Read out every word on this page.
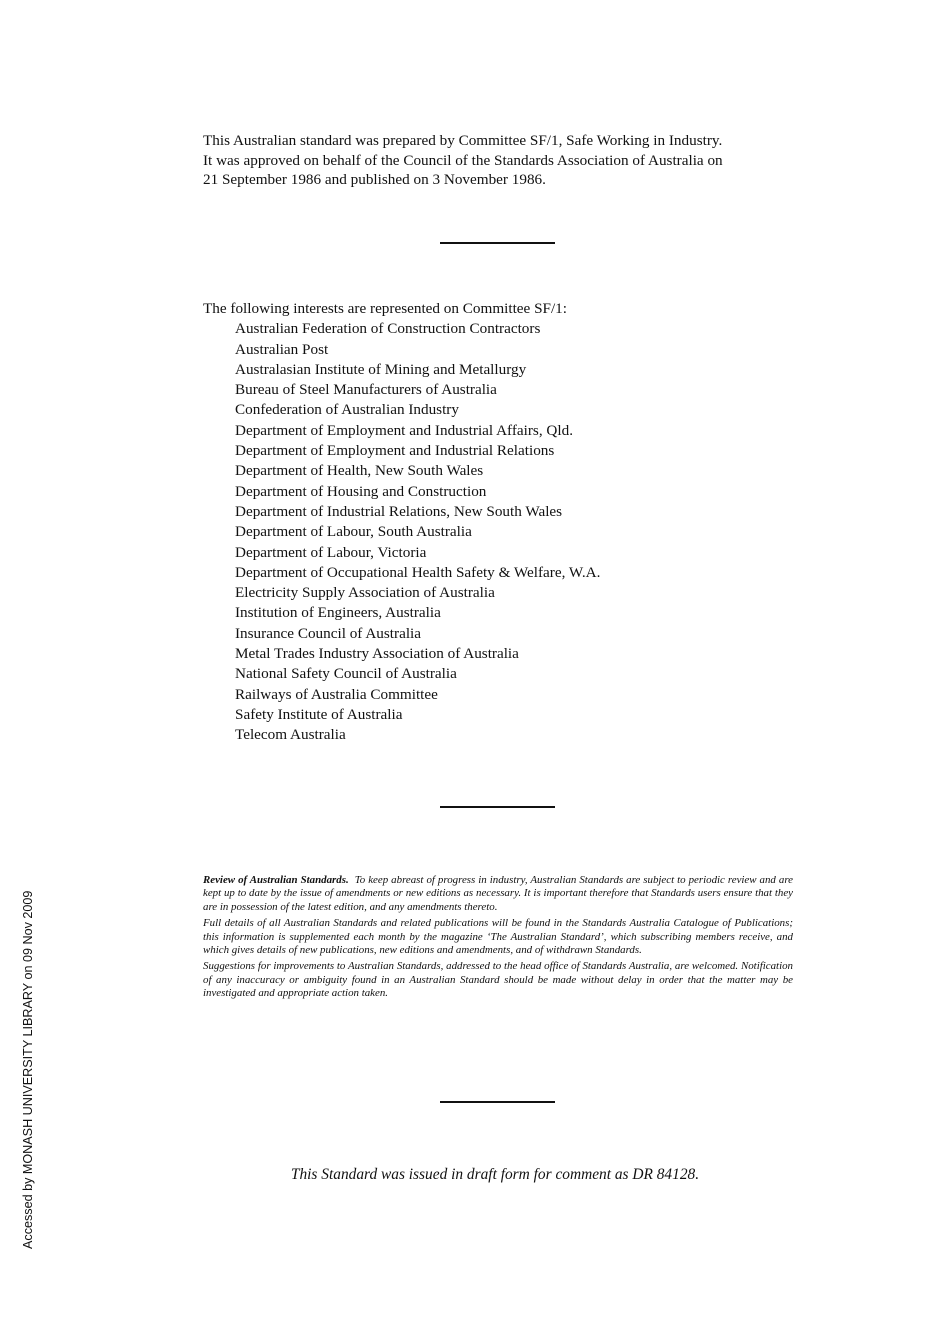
This Australian standard was prepared by Committee SF/1, Safe Working in Industry.
It was approved on behalf of the Council of the Standards Association of Australia on
21 September 1986 and published on 3 November 1986.

The following interests are represented on Committee SF/1:

Australian Federation of Construction Contractors
Australian Post
Australasian Institute of Mining and Metallurgy
Bureau of Steel Manufacturers of Australia
Confederation of Australian Industry
Department of Employment and Industrial Affairs, Qld.
Department of Employment and Industrial Relations
Department of Health, New South Wales
Department of Housing and Construction
Department of Industrial Relations, New South Wales
Department of Labour, South Australia
Department of Labour, Victoria
Department of Occupational Health Safety & Welfare, W.A.
Electricity Supply Association of Australia
Institution of Engineers, Australia
Insurance Council of Australia
Metal Trades Industry Association of Australia
National Safety Council of Australia
Railways of Australia Committee
Safety Institute of Australia
Telecom Australia

Review of Australian Standards. To keep abreast of progress in industry, Australian Standards are subject to periodic review and are kept up to date by the issue of amendments or new editions as necessary. It is important therefore that Standards users ensure that they are in possession of the latest edition, and any amendments thereto.

Full details of all Australian Standards and related publications will be found in the Standards Australia Catalogue of Publications; this information is supplemented each month by the magazine ‘The Australian Standard’, which subscribing members receive, and which gives details of new publications, new editions and amendments, and of withdrawn Standards.

Suggestions for improvements to Australian Standards, addressed to the head office of Standards Australia, are welcomed. Notification of any inaccuracy or ambiguity found in an Australian Standard should be made without delay in order that the matter may be investigated and appropriate action taken.

This Standard was issued in draft form for comment as DR 84128.

Accessed by MONASH UNIVERSITY LIBRARY on 09 Nov 2009
